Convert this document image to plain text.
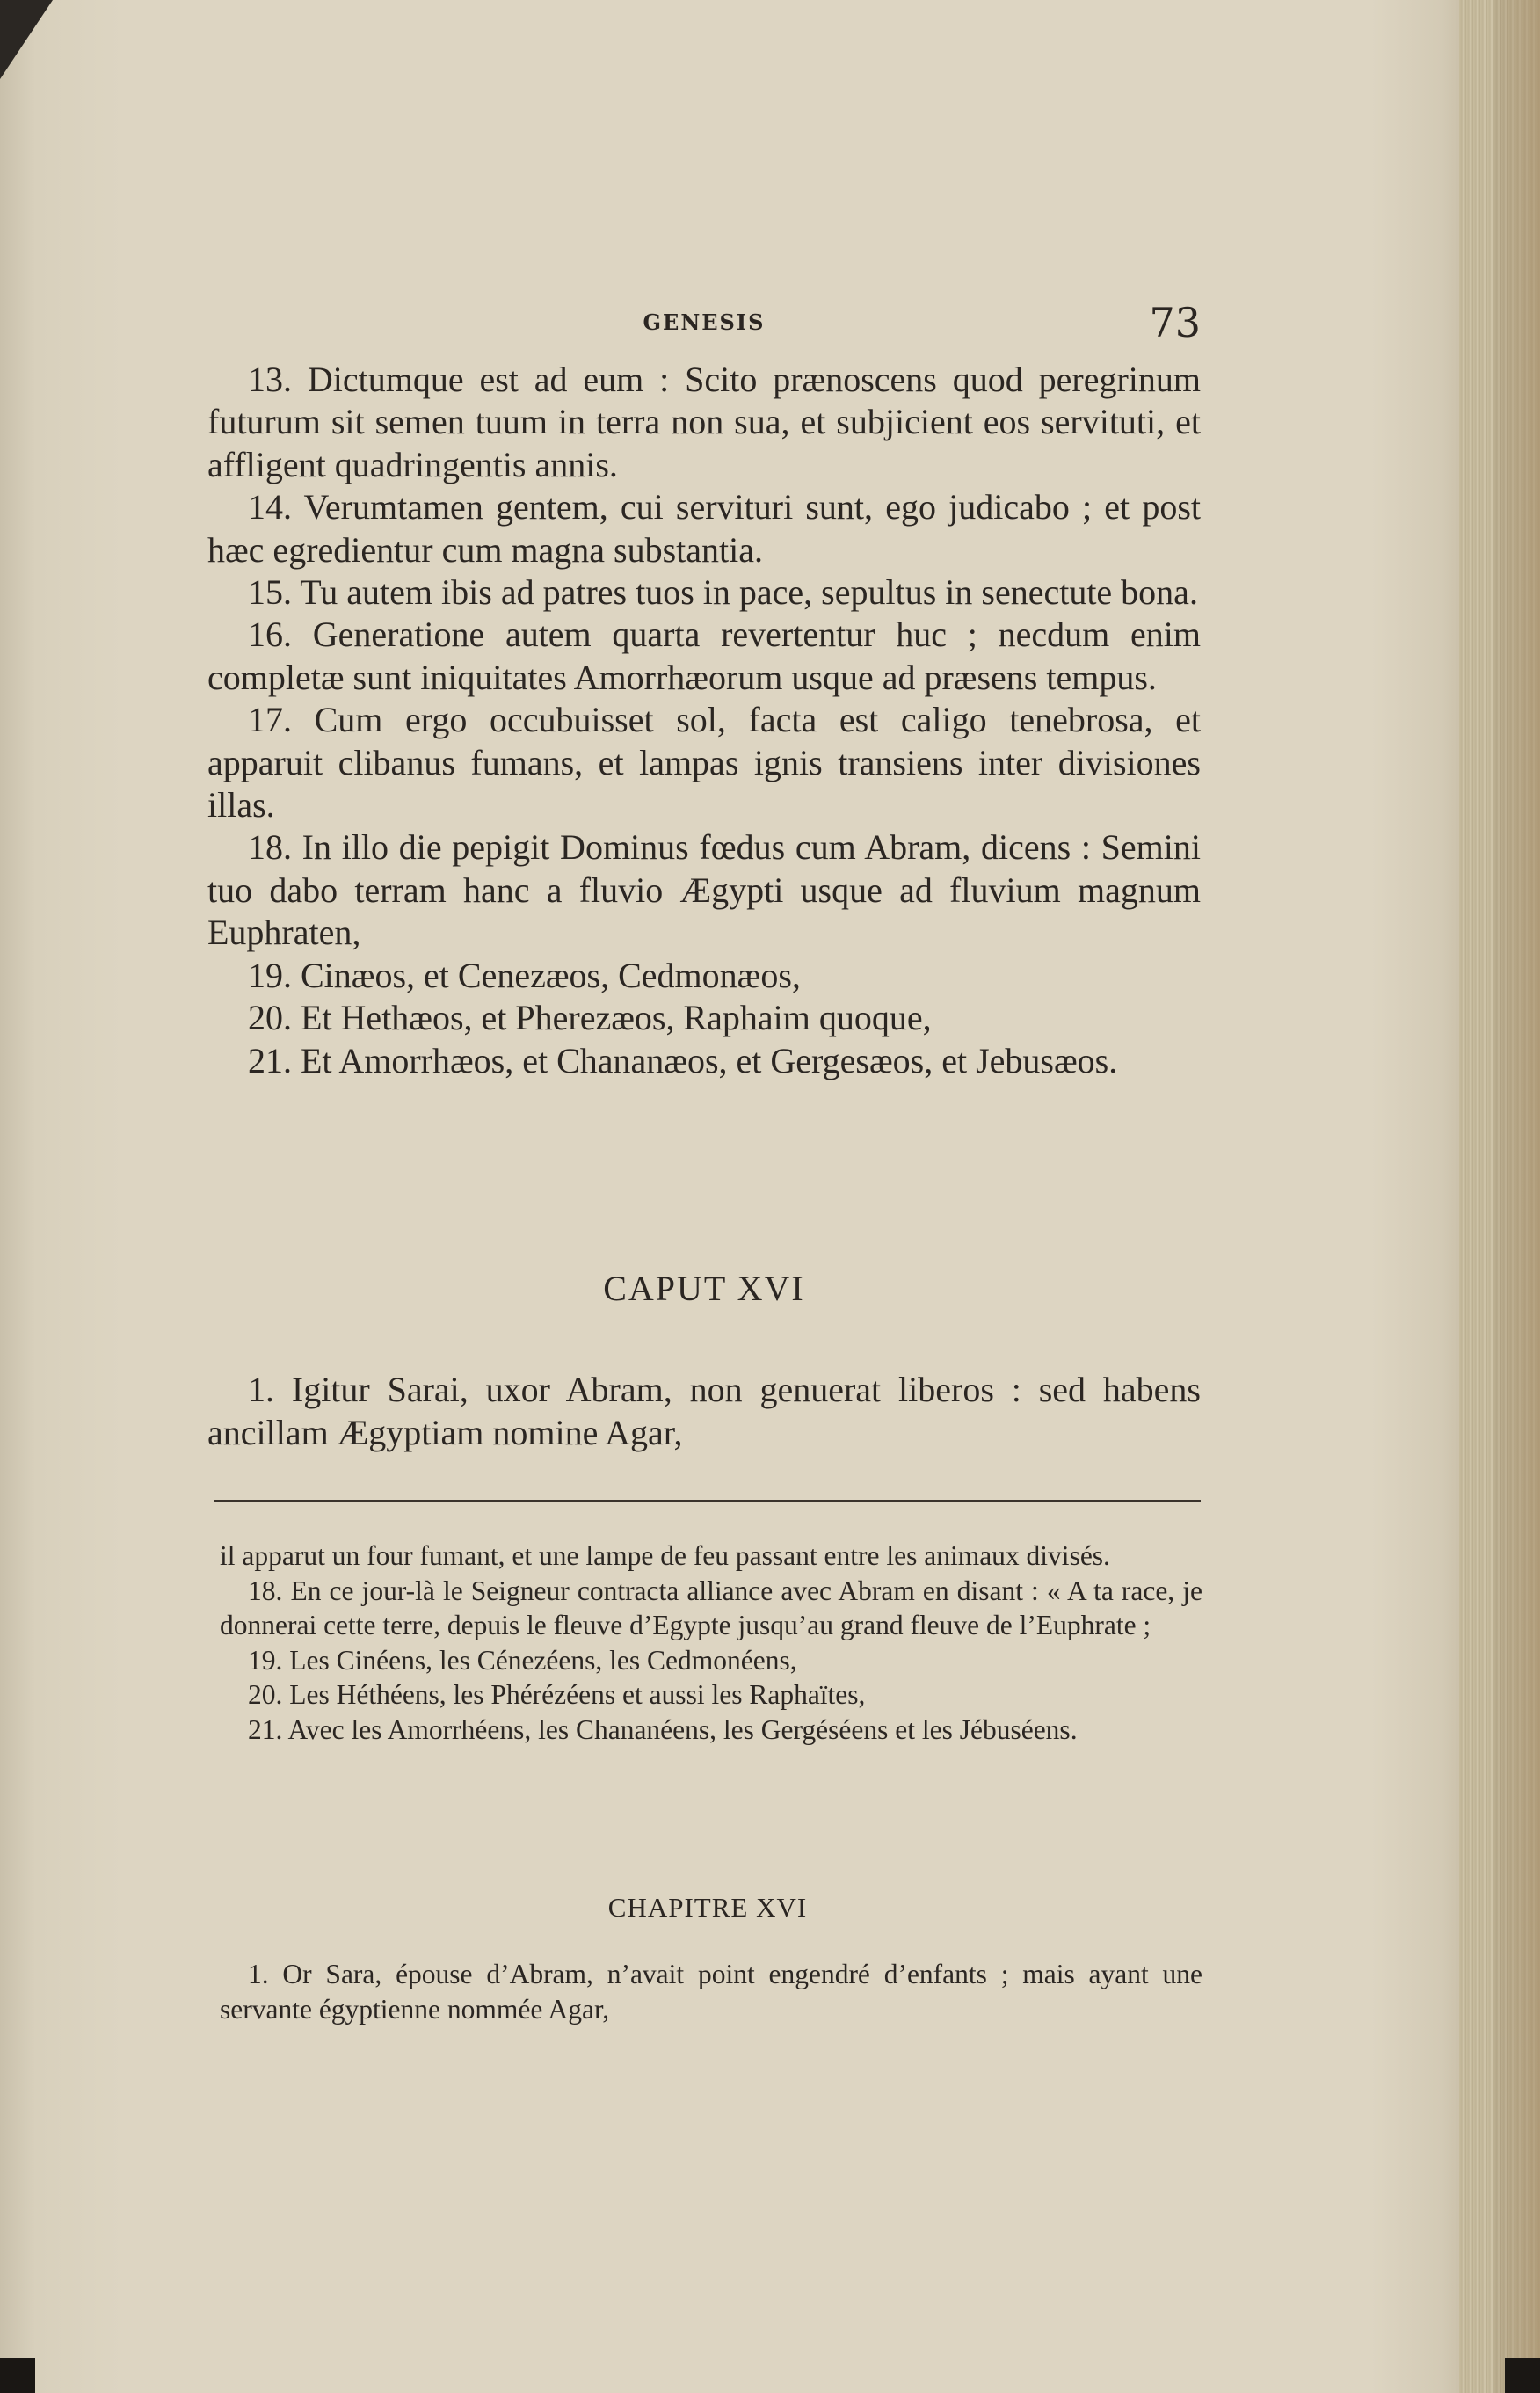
GENESIS	73

13. Dictumque est ad eum : Scito prænoscens quod peregrinum futurum sit semen tuum in terra non sua, et subjicient eos servituti, et affligent quadringentis annis.

14. Verumtamen gentem, cui servituri sunt, ego judicabo ; et post hæc egredientur cum magna substantia.

15. Tu autem ibis ad patres tuos in pace, sepultus in senectute bona.

16. Generatione autem quarta revertentur huc ; necdum enim completæ sunt iniquitates Amorrhæorum usque ad præsens tempus.

17. Cum ergo occubuisset sol, facta est caligo tenebrosa, et apparuit clibanus fumans, et lampas ignis transiens inter divisiones illas.

18. In illo die pepigit Dominus fœdus cum Abram, dicens : Semini tuo dabo terram hanc a fluvio Ægypti usque ad fluvium magnum Euphraten,

19. Cinæos, et Cenezæos, Cedmonæos,

20. Et Hethæos, et Pherezæos, Raphaim quoque,

21. Et Amorrhæos, et Chananæos, et Gergesæos, et Jebusæos.

CAPUT XVI

1. Igitur Sarai, uxor Abram, non genuerat liberos : sed habens ancillam Ægyptiam nomine Agar,

il apparut un four fumant, et une lampe de feu passant entre les animaux divisés.

18. En ce jour-là le Seigneur contracta alliance avec Abram en disant : « A ta race, je donnerai cette terre, depuis le fleuve d’Egypte jusqu’au grand fleuve de l’Euphrate ;

19. Les Cinéens, les Cénezéens, les Cedmonéens,

20. Les Héthéens, les Phérézéens et aussi les Raphaïtes,

21. Avec les Amorrhéens, les Chananéens, les Gergéséens et les Jébuséens.

CHAPITRE XVI

1. Or Sara, épouse d’Abram, n’avait point engendré d’enfants ; mais ayant une servante égyptienne nommée Agar,
